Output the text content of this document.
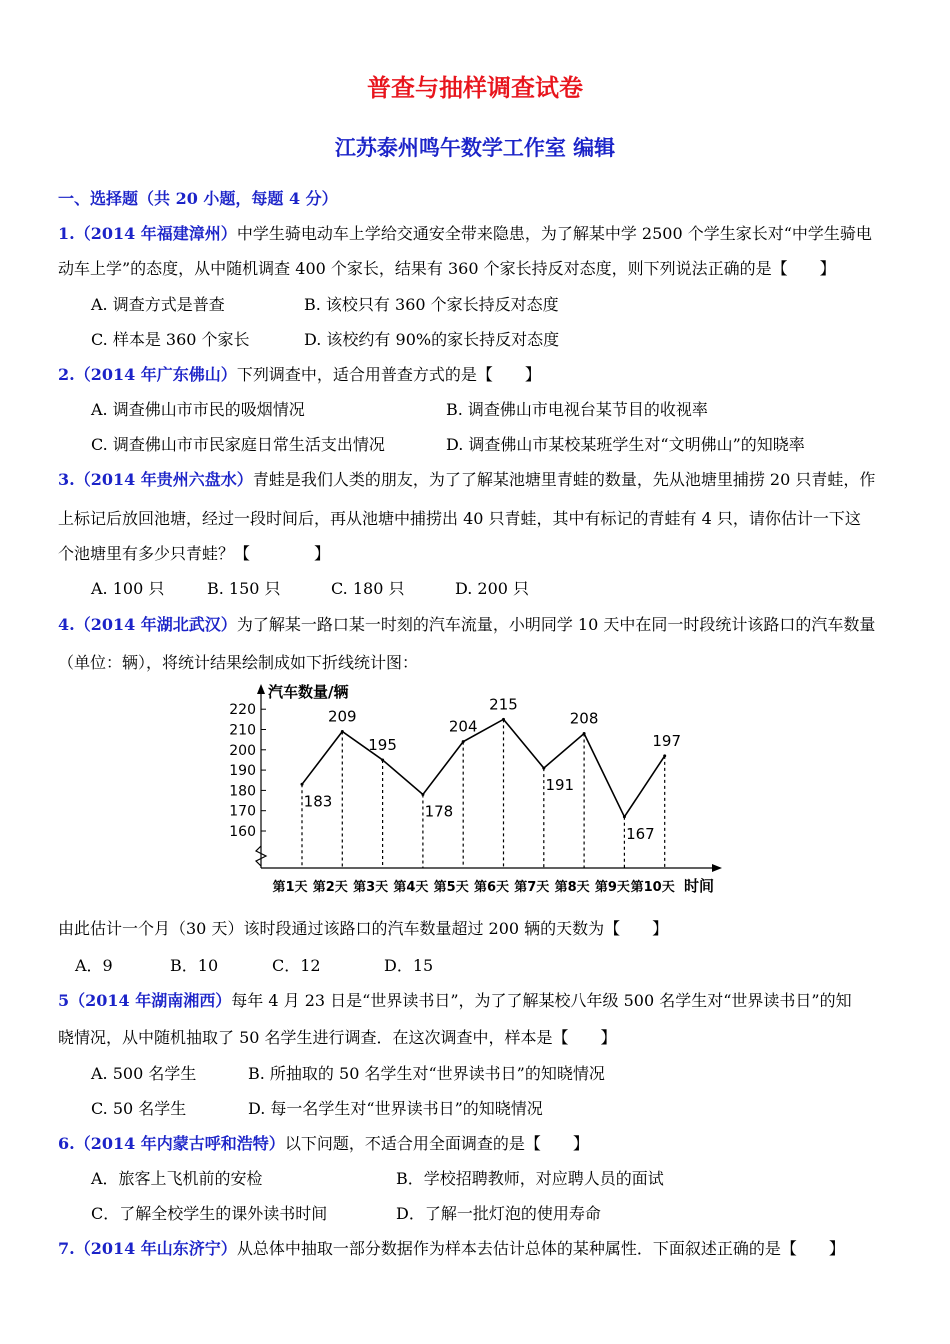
普查与抽样调查试卷
江苏泰州鸣午数学工作室 编辑
一、选择题（共 20 小题，每题 4 分）
1.（2014 年福建漳州）中学生骑电动车上学给交通安全带来隐患，为了解某中学 2500 个学生家长对“中学生骑电
动车上学”的态度，从中随机调查 400 个家长，结果有 360 个家长持反对态度，则下列说法正确的是【　　】
A. 调查方式是普查	B. 该校只有 360 个家长持反对态度
C. 样本是 360 个家长	D. 该校约有 90%的家长持反对态度
2.（2014 年广东佛山）下列调查中，适合用普查方式的是【　　】
A. 调查佛山市市民的吸烟情况	B. 调查佛山市电视台某节目的收视率
C. 调查佛山市市民家庭日常生活支出情况	D. 调查佛山市某校某班学生对“文明佛山”的知晓率
3.（2014 年贵州六盘水）青蛙是我们人类的朋友，为了了解某池塘里青蛙的数量，先从池塘里捕捞 20 只青蛙，作
上标记后放回池塘，经过一段时间后，再从池塘中捕捞出 40 只青蛙，其中有标记的青蛙有 4 只，请你估计一下这
个池塘里有多少只青蛙？【　　　　】
A. 100 只	B. 150 只	C. 180 只	D. 200 只
4.（2014 年湖北武汉）为了解某一路口某一时刻的汽车流量，小明同学 10 天中在同一时段统计该路口的汽车数量
（单位：辆），将统计结果绘制成如下折线统计图：
汽车数量/辆
时间
160
170
180
190
200
210
220
183
209
195
178
204
215
191
208
167
197
第1天 第2天 第3天 第4天 第5天 第6天 第7天 第8天 第9天 第10天
由此估计一个月（30 天）该时段通过该路口的汽车数量超过 200 辆的天数为【　　】
A．9	B．10	C．12	D．15
5（2014 年湖南湘西）每年 4 月 23 日是“世界读书日”，为了了解某校八年级 500 名学生对“世界读书日”的知
晓情况，从中随机抽取了 50 名学生进行调查．在这次调查中，样本是【　　】
A. 500 名学生	B. 所抽取的 50 名学生对“世界读书日”的知晓情况
C. 50 名学生	D. 每一名学生对“世界读书日”的知晓情况
6.（2014 年内蒙古呼和浩特）以下问题，不适合用全面调查的是【　　】
A．旅客上飞机前的安检	B．学校招聘教师，对应聘人员的面试
C．了解全校学生的课外读书时间	D．了解一批灯泡的使用寿命
7.（2014 年山东济宁）从总体中抽取一部分数据作为样本去估计总体的某种属性．下面叙述正确的是【　　】
